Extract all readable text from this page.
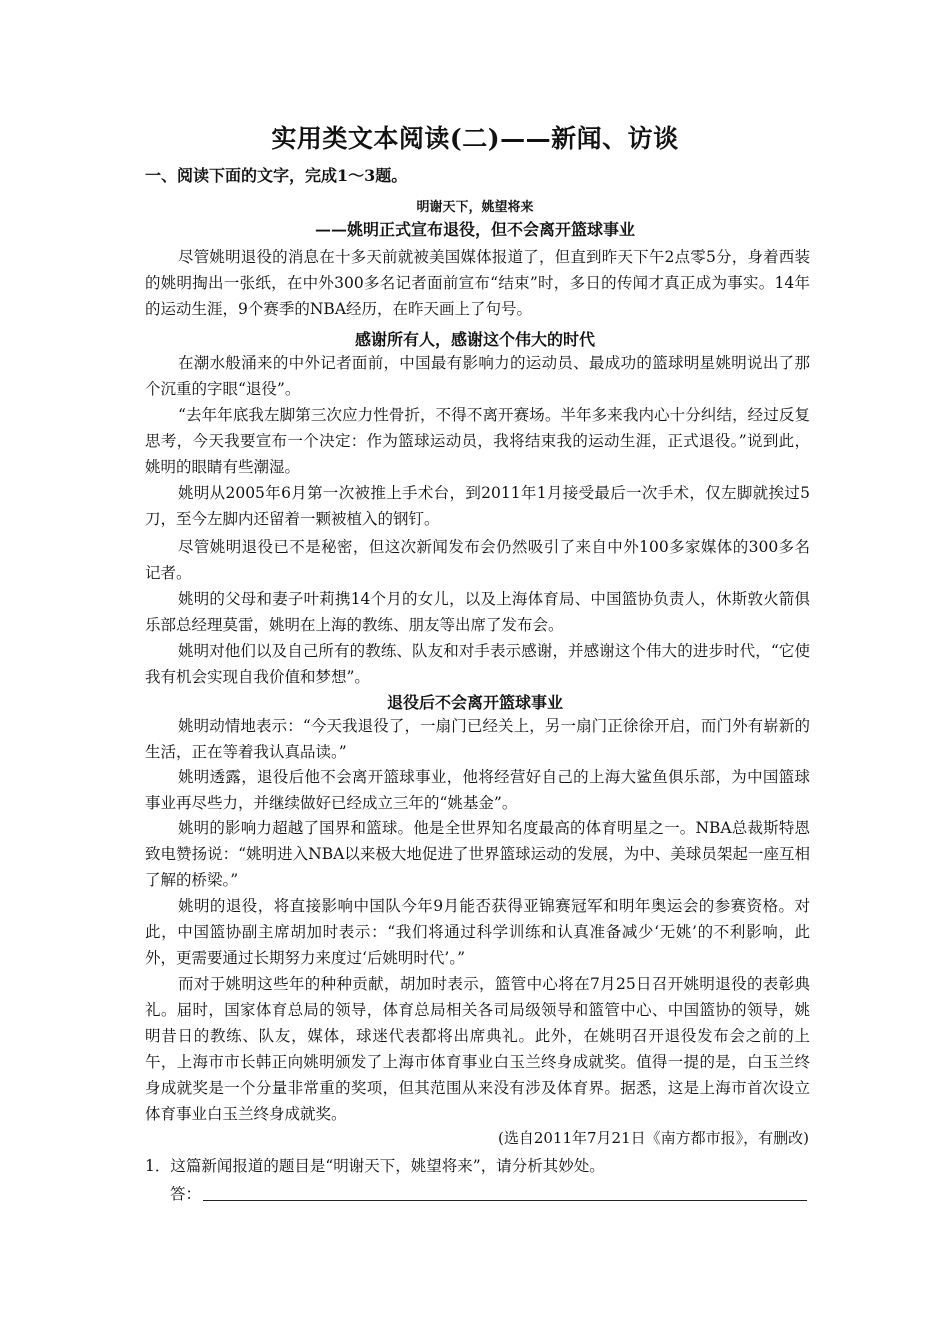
实用类文本阅读(二)——新闻、访谈
一、阅读下面的文字，完成1～3题。
明谢天下，姚望将来
——姚明正式宣布退役，但不会离开篮球事业

尽管姚明退役的消息在十多天前就被美国媒体报道了，但直到昨天下午2点零5分，身着西装的姚明掏出一张纸，在中外300多名记者面前宣布“结束”时，多日的传闻才真正成为事实。14年的运动生涯，9个赛季的NBA经历，在昨天画上了句号。

感谢所有人，感谢这个伟大的时代

在潮水般涌来的中外记者面前，中国最有影响力的运动员、最成功的篮球明星姚明说出了那个沉重的字眼“退役”。

“去年年底我左脚第三次应力性骨折，不得不离开赛场。半年多来我内心十分纠结，经过反复思考，今天我要宣布一个决定：作为篮球运动员，我将结束我的运动生涯，正式退役。”说到此，姚明的眼睛有些潮湿。

姚明从2005年6月第一次被推上手术台，到2011年1月接受最后一次手术，仅左脚就挨过5刀，至今左脚内还留着一颗被植入的钢钉。

尽管姚明退役已不是秘密，但这次新闻发布会仍然吸引了来自中外100多家媒体的300多名记者。

姚明的父母和妻子叶莉携14个月的女儿，以及上海体育局、中国篮协负责人，休斯敦火箭俱乐部总经理莫雷，姚明在上海的教练、朋友等出席了发布会。

姚明对他们以及自己所有的教练、队友和对手表示感谢，并感谢这个伟大的进步时代，“它使我有机会实现自我价值和梦想”。

退役后不会离开篮球事业

姚明动情地表示：“今天我退役了，一扇门已经关上，另一扇门正徐徐开启，而门外有崭新的生活，正在等着我认真品读。”

姚明透露，退役后他不会离开篮球事业，他将经营好自己的上海大鲨鱼俱乐部，为中国篮球事业再尽些力，并继续做好已经成立三年的“姚基金”。

姚明的影响力超越了国界和篮球。他是全世界知名度最高的体育明星之一。NBA总裁斯特恩致电赞扬说：“姚明进入NBA以来极大地促进了世界篮球运动的发展，为中、美球员架起一座互相了解的桥梁。”

姚明的退役，将直接影响中国队今年9月能否获得亚锦赛冠军和明年奥运会的参赛资格。对此，中国篮协副主席胡加时表示：“我们将通过科学训练和认真准备减少‘无姚’的不利影响，此外，更需要通过长期努力来度过‘后姚明时代’。”

而对于姚明这些年的种种贡献，胡加时表示，篮管中心将在7月25日召开姚明退役的表彰典礼。届时，国家体育总局的领导，体育总局相关各司局级领导和篮管中心、中国篮协的领导，姚明昔日的教练、队友，媒体，球迷代表都将出席典礼。此外，在姚明召开退役发布会之前的上午，上海市市长韩正向姚明颁发了上海市体育事业白玉兰终身成就奖。值得一提的是，白玉兰终身成就奖是一个分量非常重的奖项，但其范围从来没有涉及体育界。据悉，这是上海市首次设立体育事业白玉兰终身成就奖。

(选自2011年7月21日《南方都市报》，有删改)
1．这篇新闻报道的题目是“明谢天下，姚望将来”，请分析其妙处。
答：
